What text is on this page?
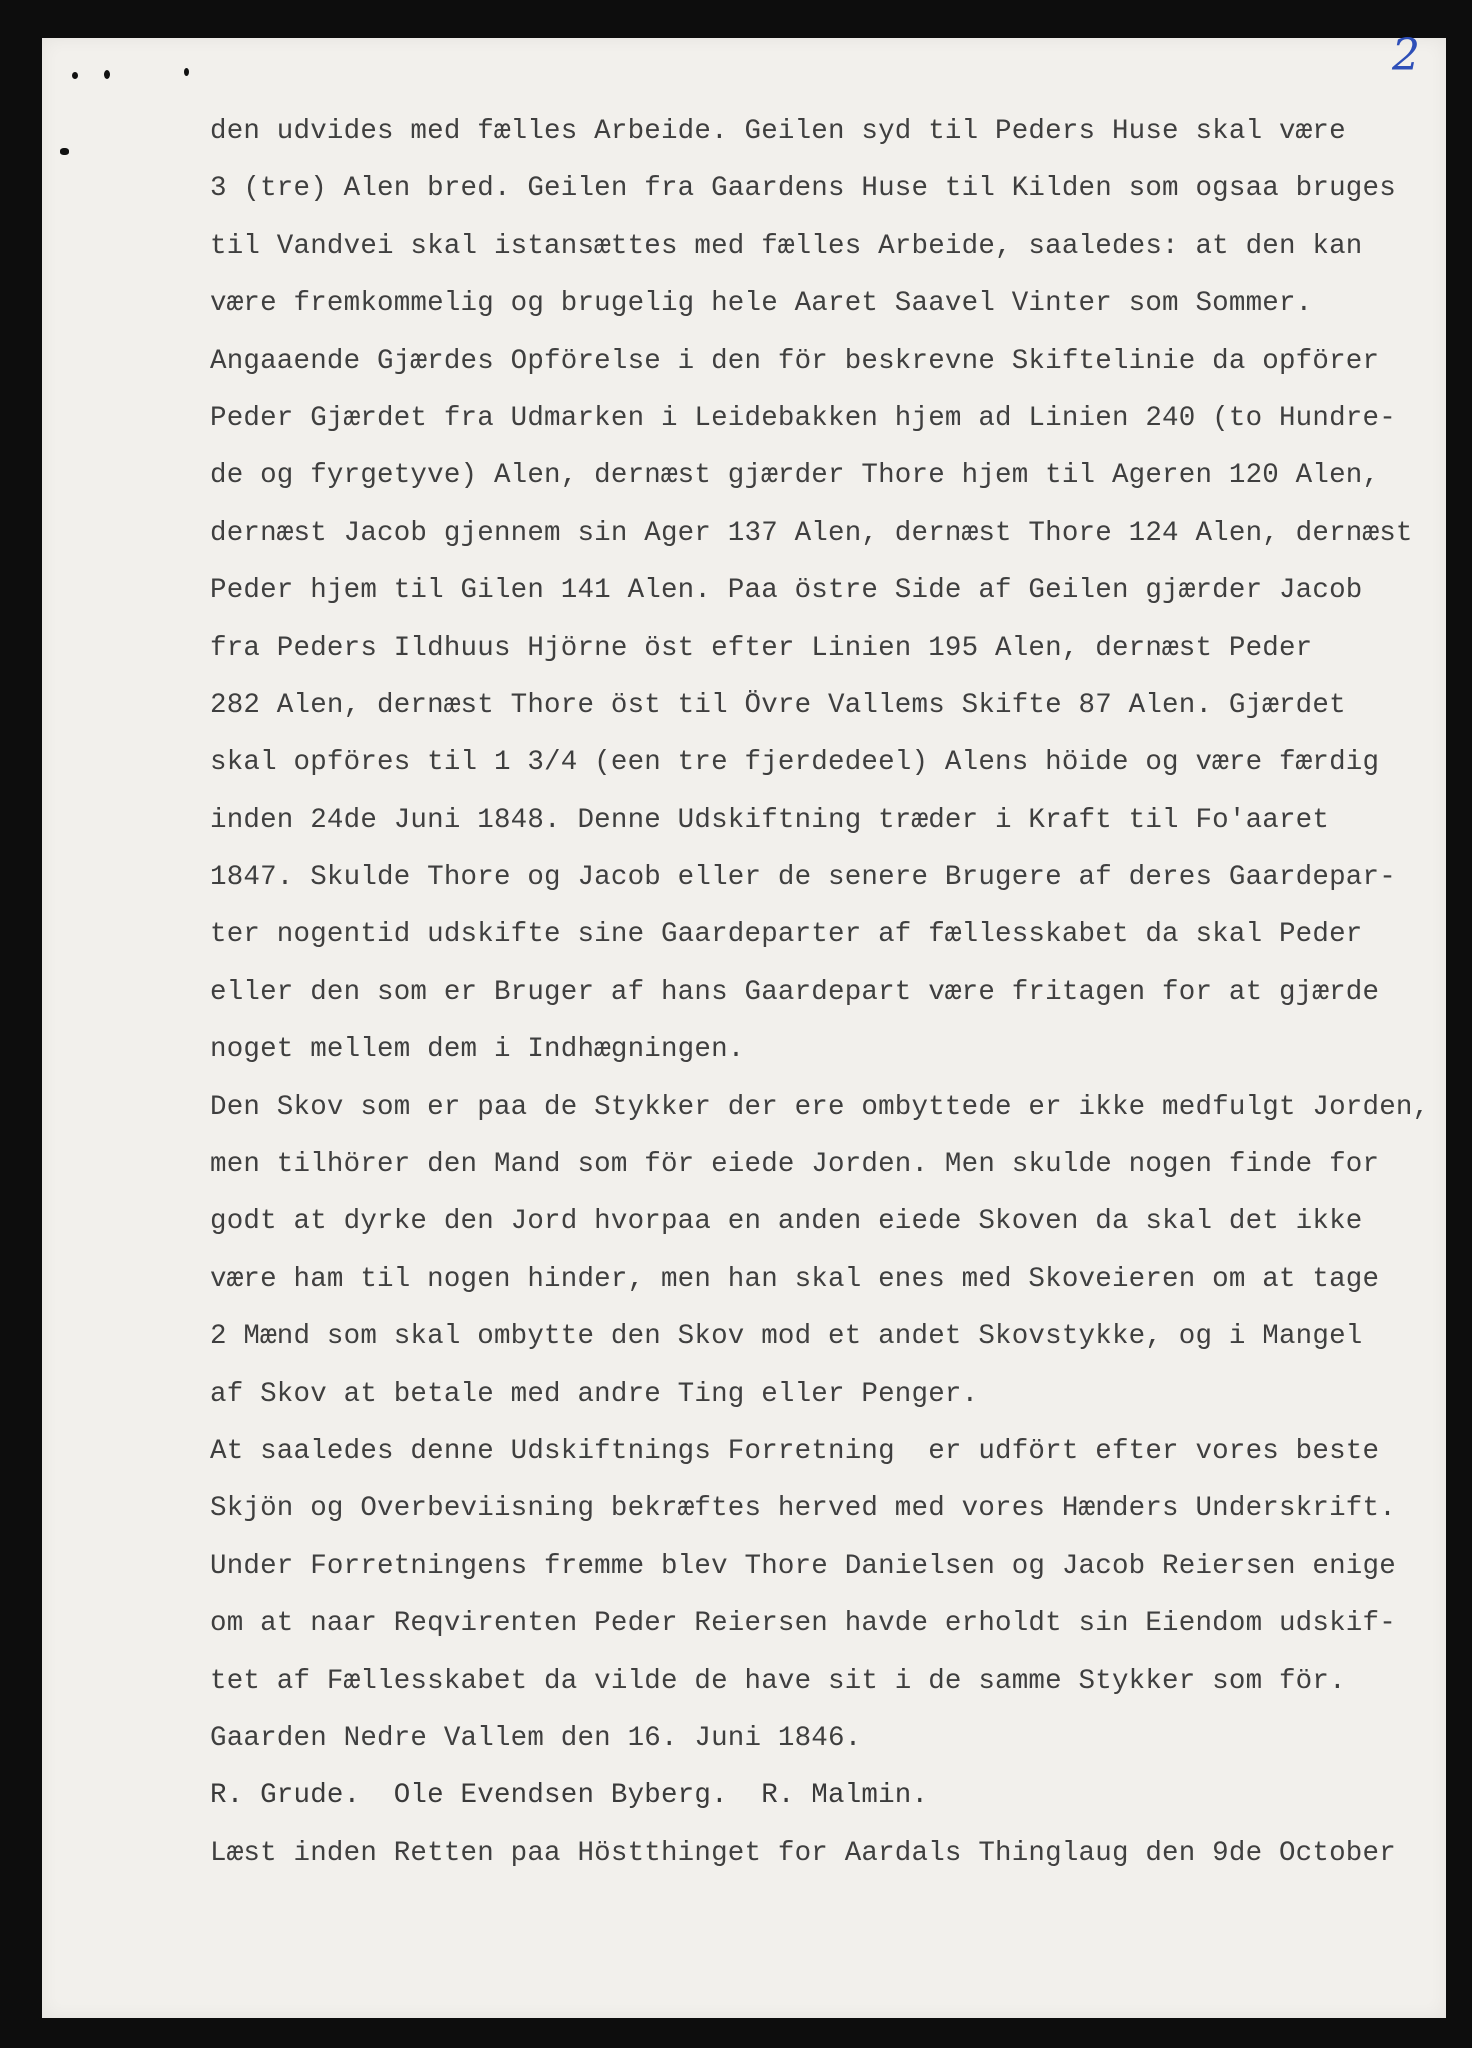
2
den udvides med fælles Arbeide. Geilen syd til Peders Huse skal være
3 (tre) Alen bred. Geilen fra Gaardens Huse til Kilden som ogsaa bruges
til Vandvei skal istansættes med fælles Arbeide, saaledes: at den kan
være fremkommelig og brugelig hele Aaret Saavel Vinter som Sommer.
Angaaende Gjærdes Opförelse i den för beskrevne Skiftelinie da opförer
Peder Gjærdet fra Udmarken i Leidebakken hjem ad Linien 240 (to Hundre-
de og fyrgetyve) Alen, dernæst gjærder Thore hjem til Ageren 120 Alen,
dernæst Jacob gjennem sin Ager 137 Alen, dernæst Thore 124 Alen, dernæst
Peder hjem til Gilen 141 Alen. Paa östre Side af Geilen gjærder Jacob
fra Peders Ildhuus Hjörne öst efter Linien 195 Alen, dernæst Peder
282 Alen, dernæst Thore öst til Övre Vallems Skifte 87 Alen. Gjærdet
skal opföres til 1 3/4 (een tre fjerdedeel) Alens höide og være færdig
inden 24de Juni 1848. Denne Udskiftning træder i Kraft til Fo'aaret
1847. Skulde Thore og Jacob eller de senere Brugere af deres Gaardepar-
ter nogentid udskifte sine Gaardeparter af fællesskabet da skal Peder
eller den som er Bruger af hans Gaardepart være fritagen for at gjærde
noget mellem dem i Indhægningen.
Den Skov som er paa de Stykker der ere ombyttede er ikke medfulgt Jorden,
men tilhörer den Mand som för eiede Jorden. Men skulde nogen finde for
godt at dyrke den Jord hvorpaa en anden eiede Skoven da skal det ikke
være ham til nogen hinder, men han skal enes med Skoveieren om at tage
2 Mænd som skal ombytte den Skov mod et andet Skovstykke, og i Mangel
af Skov at betale med andre Ting eller Penger.
At saaledes denne Udskiftnings Forretning  er udfört efter vores beste
Skjön og Overbeviisning bekræftes herved med vores Hænders Underskrift.
Under Forretningens fremme blev Thore Danielsen og Jacob Reiersen enige
om at naar Reqvirenten Peder Reiersen havde erholdt sin Eiendom udskif-
tet af Fællesskabet da vilde de have sit i de samme Stykker som för.
Gaarden Nedre Vallem den 16. Juni 1846.
R. Grude.  Ole Evendsen Byberg.  R. Malmin.
Læst inden Retten paa Höstthinget for Aardals Thinglaug den 9de October
